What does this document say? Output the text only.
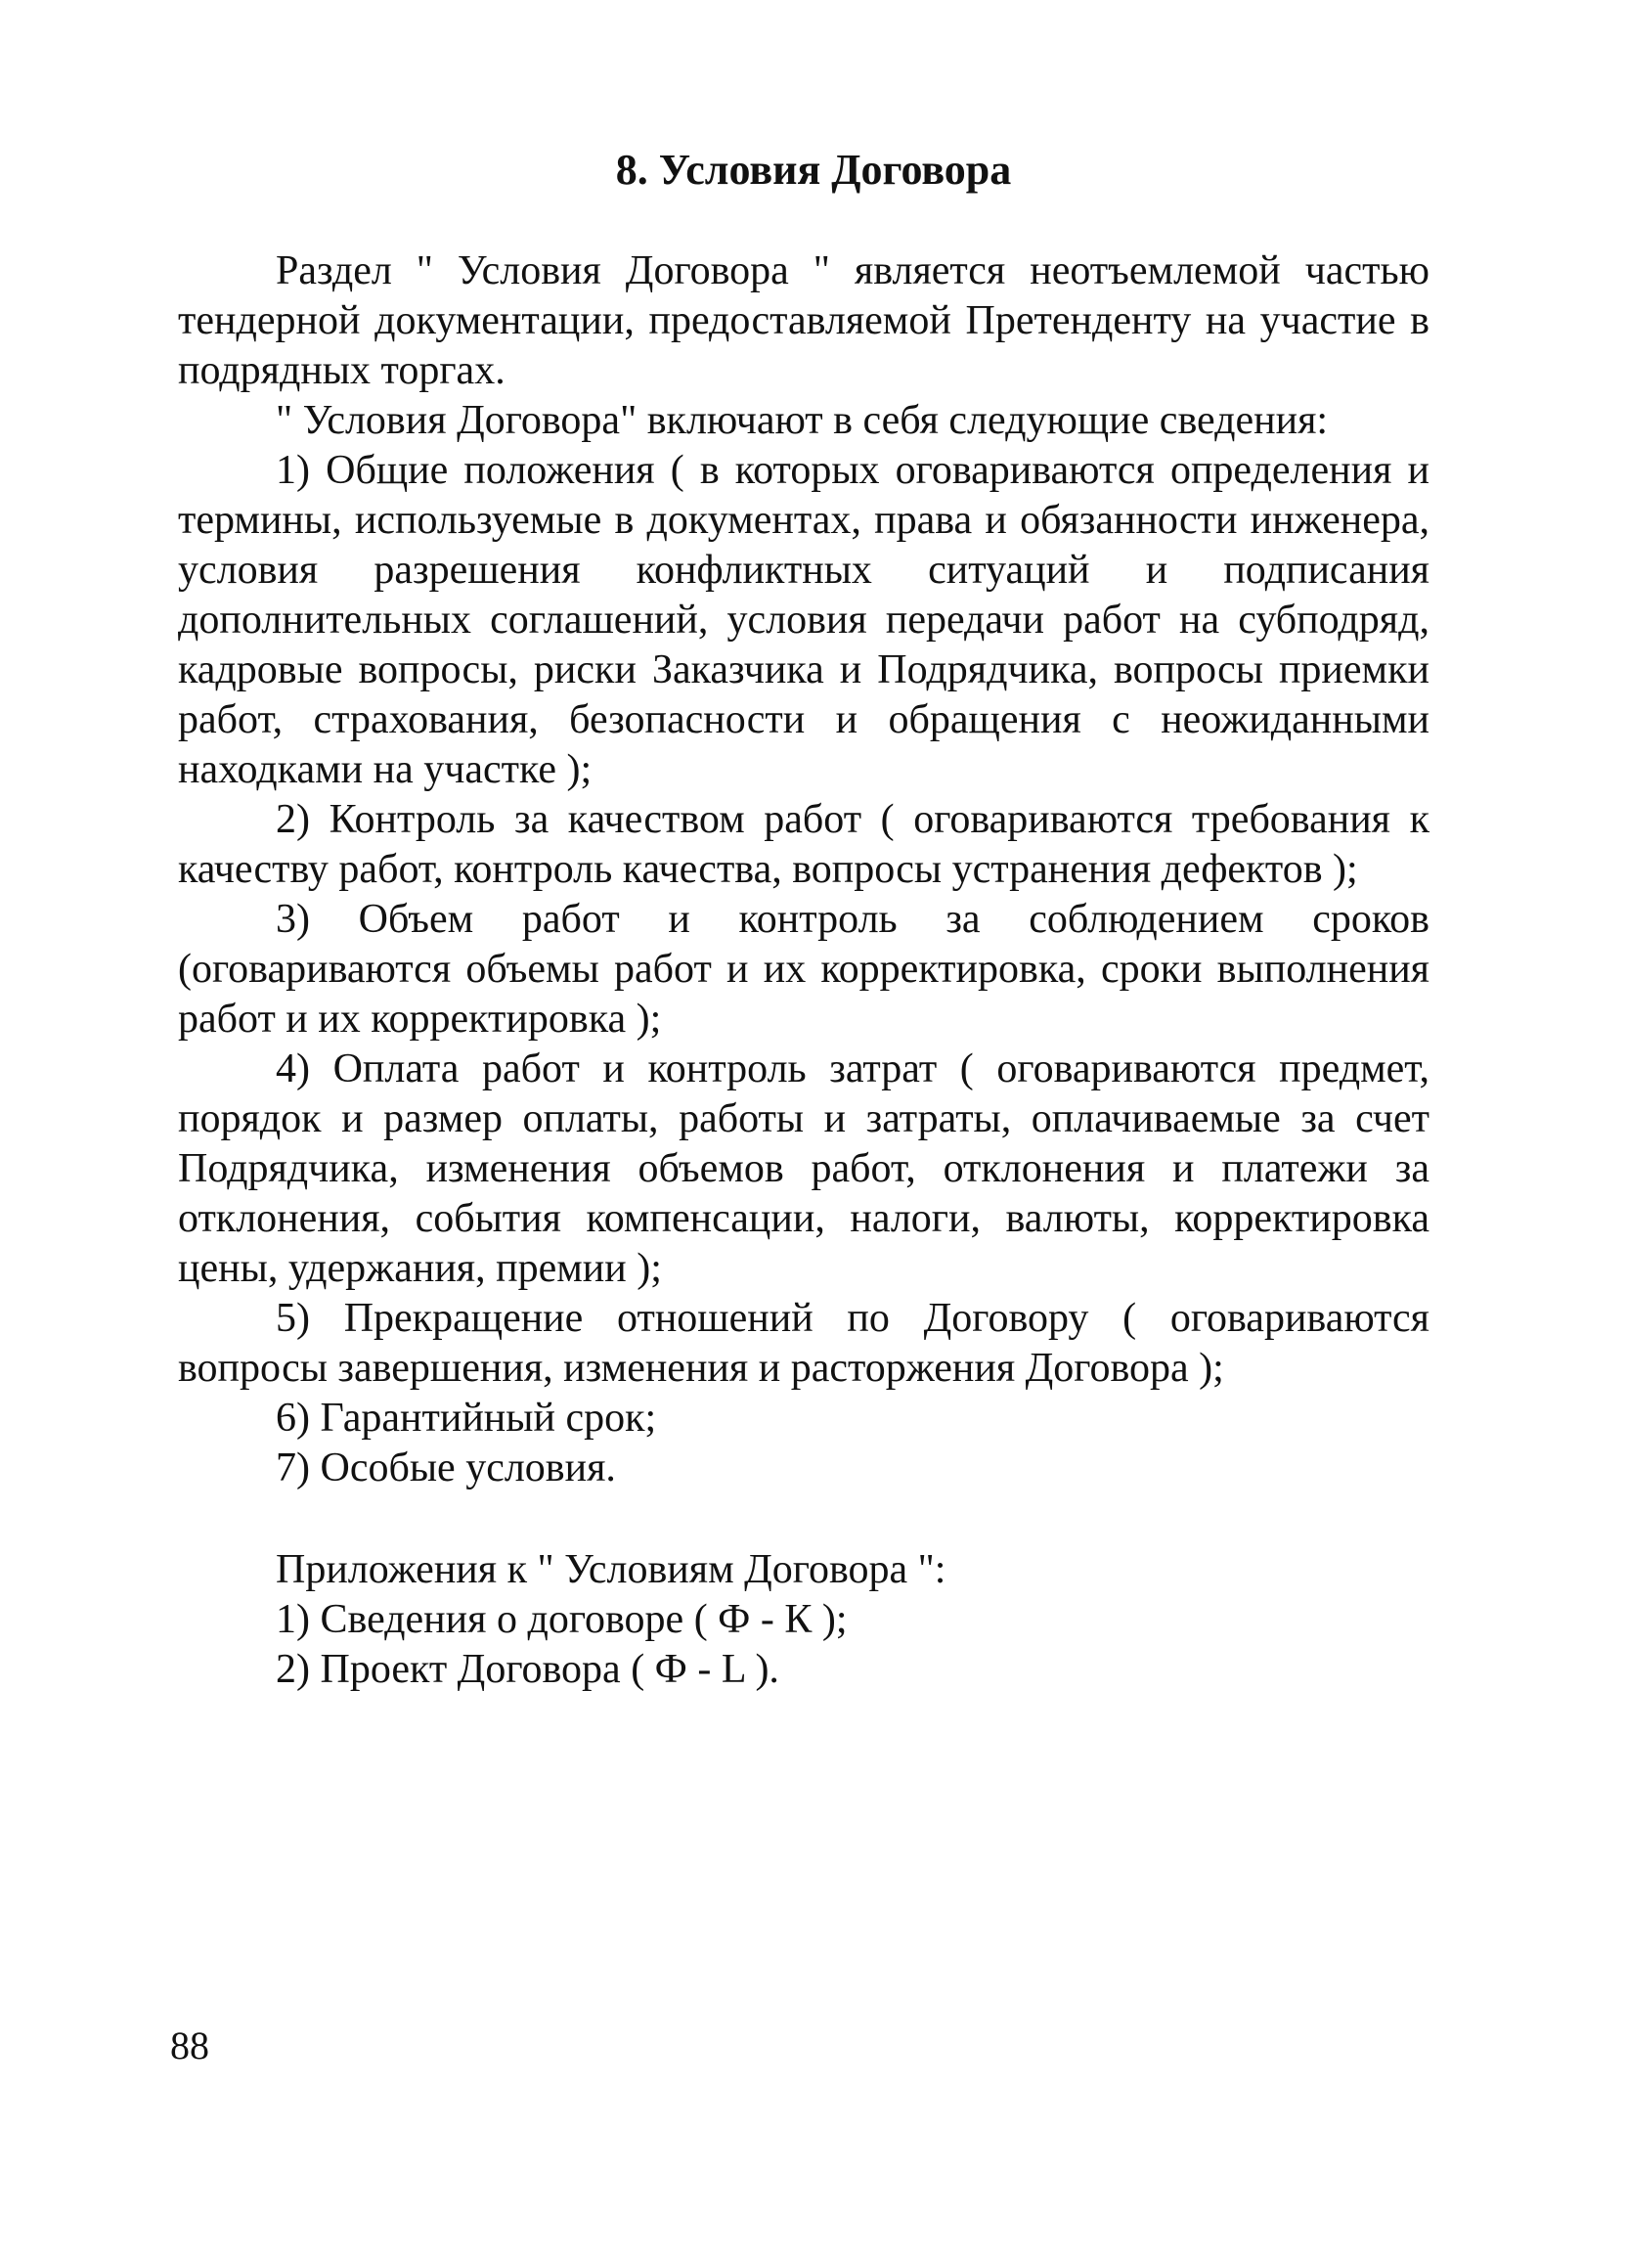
8. Условия Договора

Раздел " Условия Договора " является неотъемлемой частью тендерной документации, предоставляемой Претенденту на участие в подрядных торгах.

" Условия Договора" включают в себя следующие сведения:

1) Общие положения ( в которых оговариваются определения и термины, используемые в документах, права и обязанности инженера, условия разрешения конфликтных ситуаций и подписания дополнительных соглашений, условия передачи работ на субподряд, кадровые вопросы, риски Заказчика и Подрядчика, вопросы приемки работ, страхования, безопасности и обращения с неожиданными находками на участке );

2) Контроль за качеством работ ( оговариваются требования к качеству работ, контроль качества, вопросы устранения дефектов );

3) Объем работ и контроль за соблюдением сроков (оговариваются объемы работ и их корректировка, сроки выполнения работ и их корректировка );

4) Оплата работ и контроль затрат ( оговариваются предмет, порядок и размер оплаты, работы и затраты, оплачиваемые за счет Подрядчика, изменения объемов работ, отклонения и платежи за отклонения, события компенсации, налоги, валюты, корректировка цены, удержания, премии );

5) Прекращение отношений по Договору ( оговариваются вопросы завершения, изменения и расторжения Договора );

6) Гарантийный срок;

7) Особые условия.

Приложения к " Условиям Договора ":
1) Сведения о договоре ( Ф - К );
2) Проект Договора ( Ф - L ).
88
